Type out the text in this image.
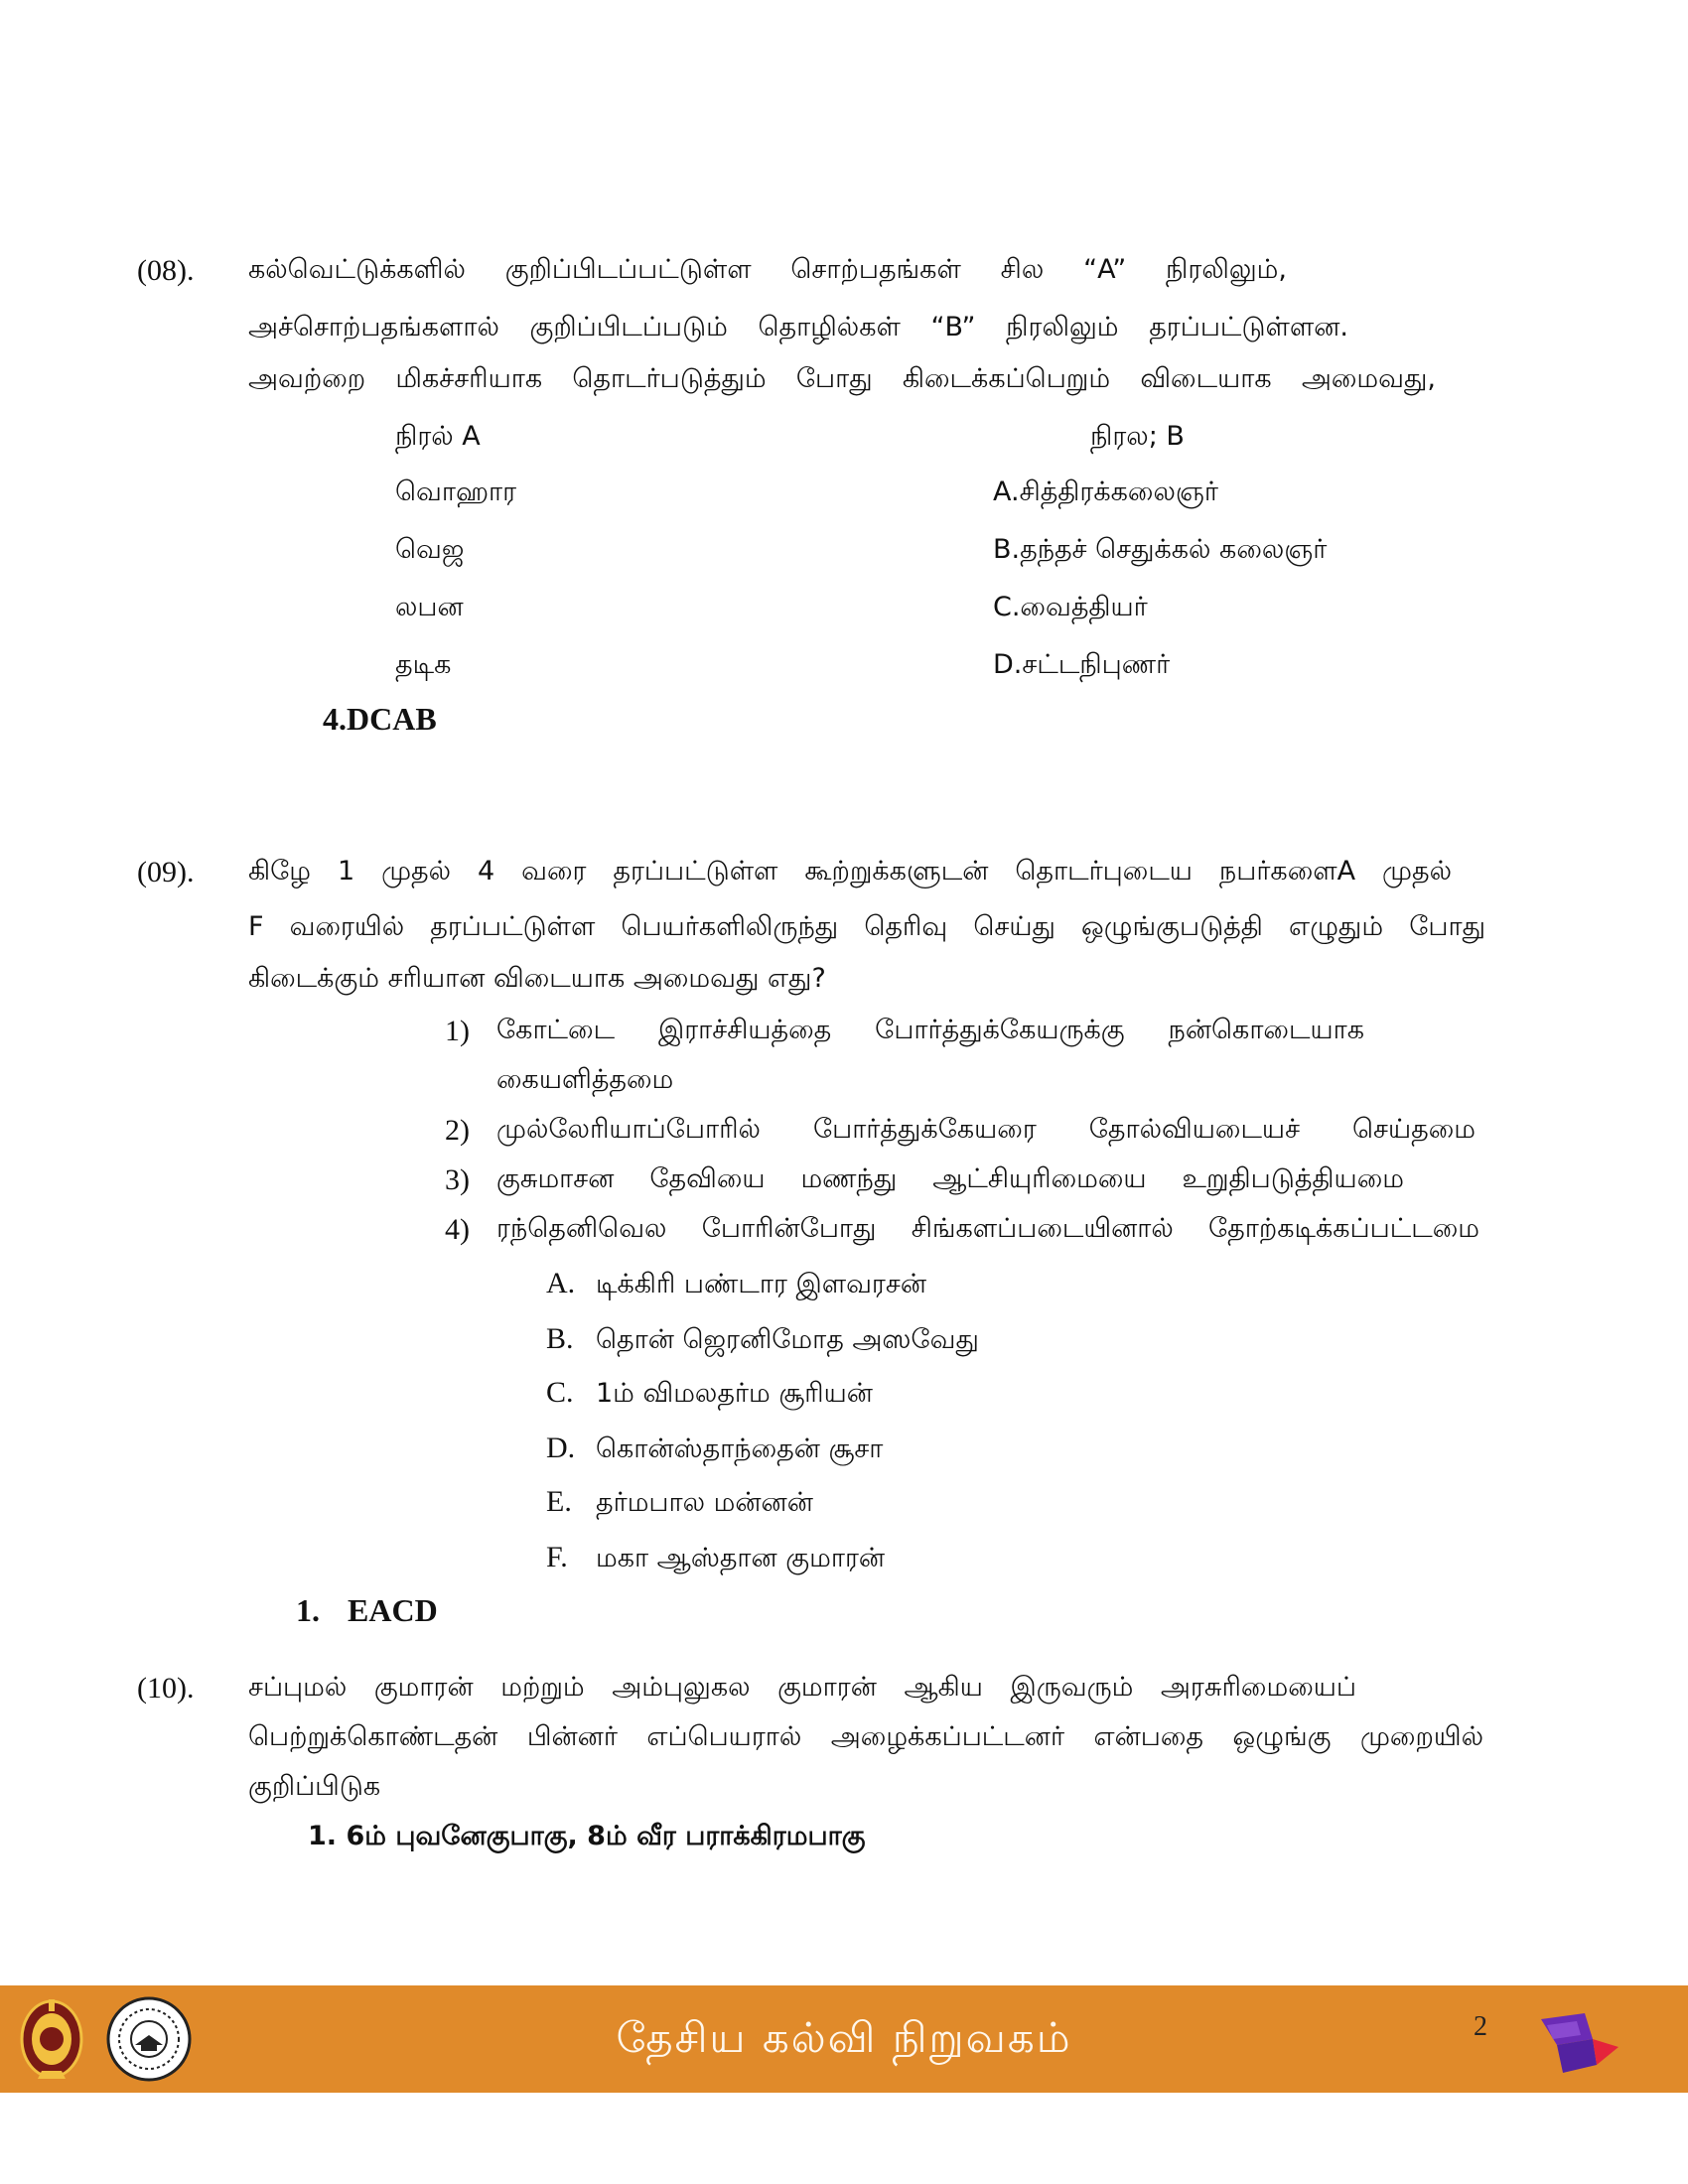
(08). கல்வெட்டுக்களில் குறிப்பிடப்பட்டுள்ள சொற்பதங்கள் சில “A” நிரலிலும்,
அச்சொற்பதங்களால் குறிப்பிடப்படும் தொழில்கள் “B” நிரலிலும் தரப்பட்டுள்ளன.
அவற்றை மிகச்சரியாக தொடர்படுத்தும் போது கிடைக்கப்பெறும் விடையாக அமைவது,
நிரல் A	நிரல; B
வொஹார
வெஜ
லபன
தடிக
A.சித்திரக்கலைஞர்
B.தந்தச் செதுக்கல் கலைஞர்
C.வைத்தியர்
D.சட்டநிபுணர்
4.DCAB
(09). கிழே 1 முதல் 4 வரை தரப்பட்டுள்ள கூற்றுக்களுடன் தொடர்புடைய நபர்களைA முதல்
F வரையில் தரப்பட்டுள்ள பெயர்களிலிருந்து தெரிவு செய்து ஒழுங்குபடுத்தி எழுதும் போது
கிடைக்கும் சரியான விடையாக அமைவது எது?
1) கோட்டை இராச்சியத்தை போர்த்துக்கேயருக்கு நன்கொடையாக
கையளித்தமை
2) முல்லேரியாப்போரில் போர்த்துக்கேயரை தோல்வியடையச் செய்தமை
3) குசுமாசன தேவியை மணந்து ஆட்சியுரிமையை உறுதிபடுத்தியமை
4) ரந்தெனிவெல போரின்போது சிங்களப்படையினால் தோற்கடிக்கப்பட்டமை
A. டிக்கிரி பண்டார இளவரசன்
B. தொன் ஜெரனிமோத அஸவேது
C. 1ம் விமலதர்ம சூரியன்
D. கொன்ஸ்தாந்தைன் சூசா
E. தர்மபால மன்னன்
F. மகா ஆஸ்தான குமாரன்
1. EACD
(10). சப்புமல் குமாரன் மற்றும் அம்புலுகல குமாரன் ஆகிய இருவரும் அரசுரிமையைப்
பெற்றுக்கொண்டதன் பின்னர் எப்பெயரால் அழைக்கப்பட்டனர் என்பதை ஒழுங்கு முறையில்
குறிப்பிடுக
1. 6ம் புவனேகுபாகு, 8ம் வீர பராக்கிரமபாகு
தேசிய கல்வி நிறுவகம்	2
